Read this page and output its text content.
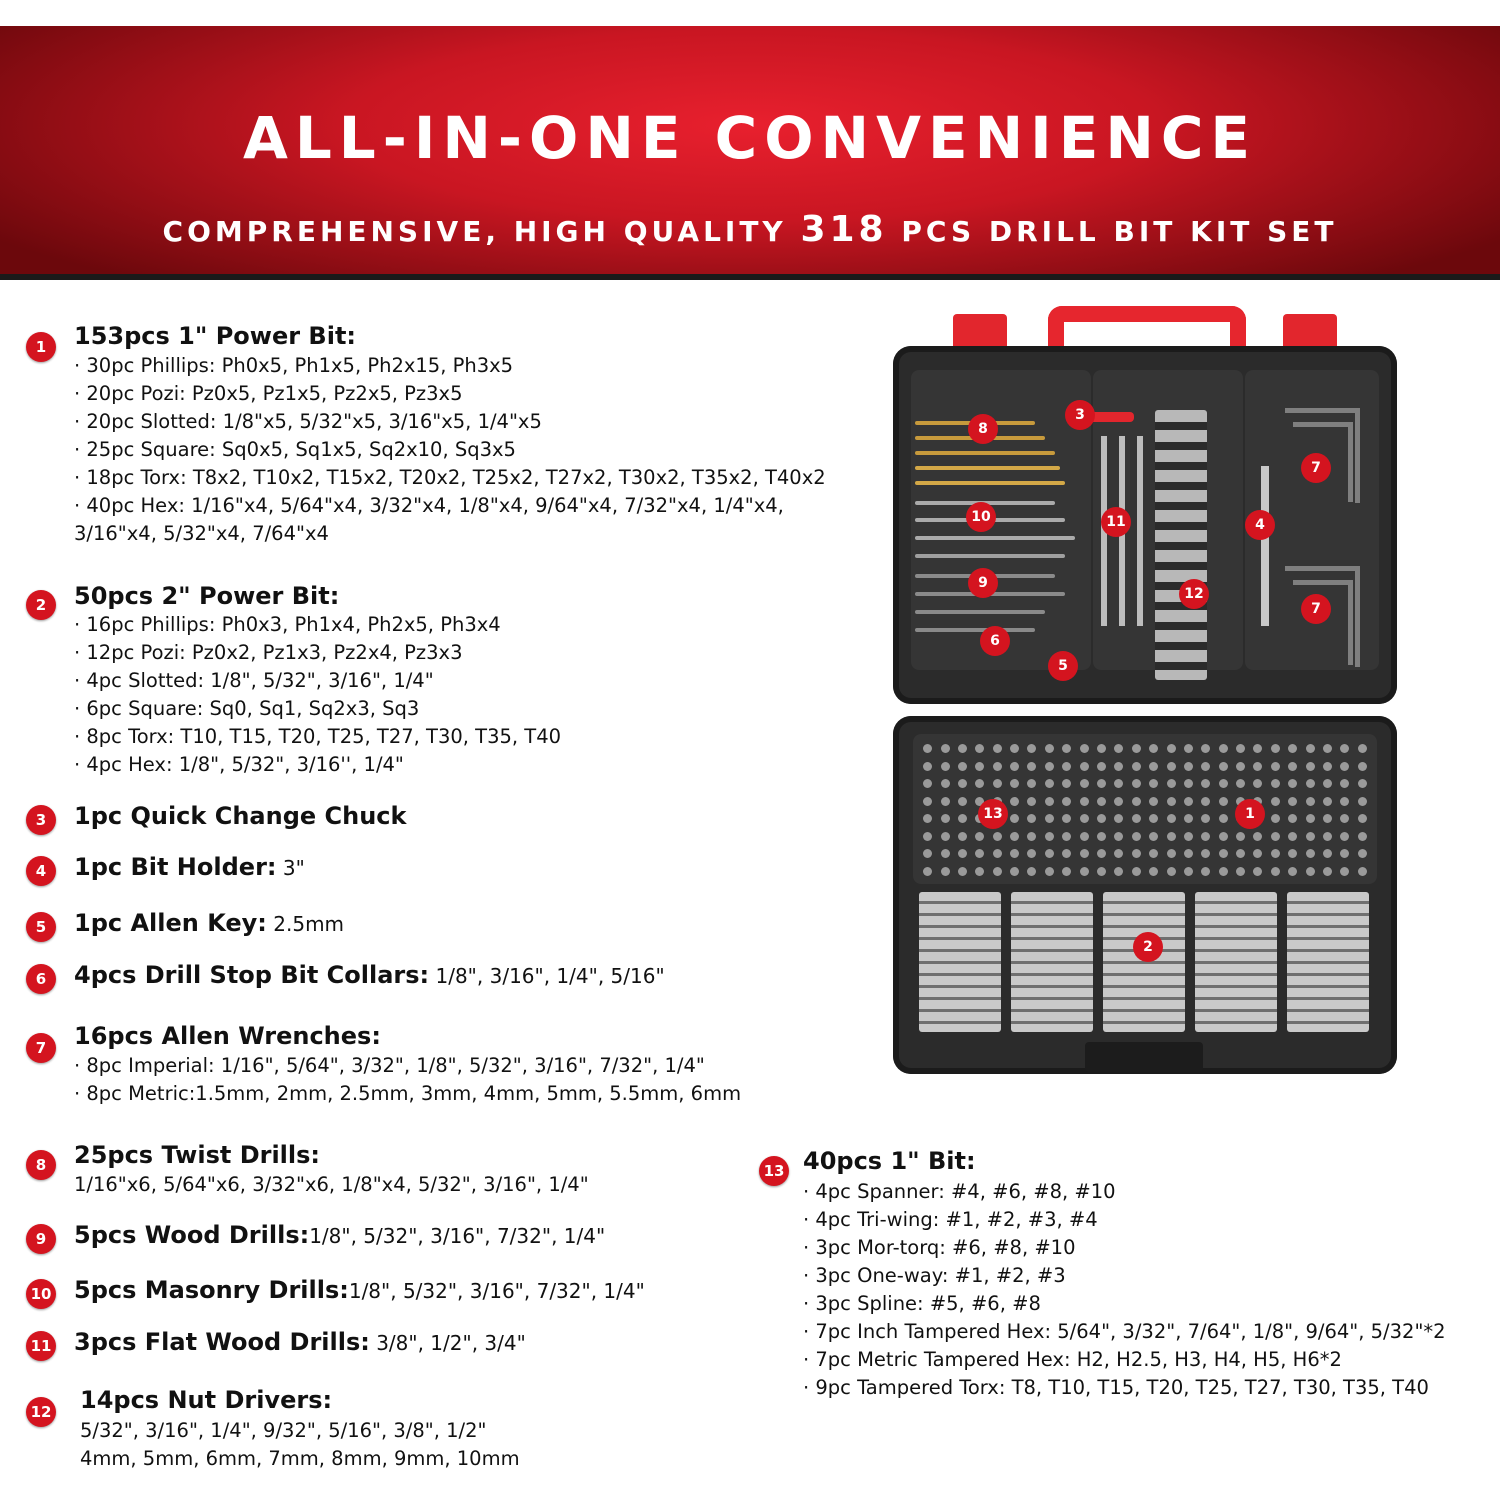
ALL-IN-ONE CONVENIENCE
COMPREHENSIVE, HIGH QUALITY 318 PCS DRILL BIT KIT SET
1	153pcs 1" Power Bit:
· 30pc Phillips: Ph0x5, Ph1x5, Ph2x15, Ph3x5
· 20pc Pozi: Pz0x5, Pz1x5, Pz2x5, Pz3x5
· 20pc Slotted: 1/8"x5, 5/32"x5, 3/16"x5, 1/4"x5
· 25pc Square: Sq0x5, Sq1x5, Sq2x10, Sq3x5
· 18pc Torx: T8x2, T10x2, T15x2, T20x2, T25x2, T27x2, T30x2, T35x2, T40x2
· 40pc Hex: 1/16"x4, 5/64"x4, 3/32"x4, 1/8"x4, 9/64"x4, 7/32"x4, 1/4"x4,
3/16"x4, 5/32"x4, 7/64"x4
2	50pcs 2" Power Bit:
· 16pc Phillips: Ph0x3, Ph1x4, Ph2x5, Ph3x4
· 12pc Pozi: Pz0x2, Pz1x3, Pz2x4, Pz3x3
· 4pc Slotted: 1/8", 5/32", 3/16", 1/4"
· 6pc Square: Sq0, Sq1, Sq2x3, Sq3
· 8pc Torx: T10, T15, T20, T25, T27, T30, T35, T40
· 4pc Hex: 1/8", 5/32", 3/16'', 1/4"
3	1pc Quick Change Chuck
4	1pc Bit Holder: 3"
5	1pc Allen Key: 2.5mm
6	4pcs Drill Stop Bit Collars: 1/8", 3/16", 1/4", 5/16"
7	16pcs Allen Wrenches:
· 8pc Imperial: 1/16", 5/64", 3/32", 1/8", 5/32", 3/16", 7/32", 1/4"
· 8pc Metric:1.5mm, 2mm, 2.5mm, 3mm, 4mm, 5mm, 5.5mm, 6mm
8	25pcs Twist Drills:
1/16"x6, 5/64"x6, 3/32"x6, 1/8"x4, 5/32", 3/16", 1/4"
9	5pcs Wood Drills:1/8", 5/32", 3/16", 7/32", 1/4"
10 5pcs Masonry Drills:1/8", 5/32", 3/16", 7/32", 1/4"
11 3pcs Flat Wood Drills: 3/8", 1/2", 3/4"
12 14pcs Nut Drivers:
5/32", 3/16", 1/4", 9/32", 5/16", 3/8", 1/2"
4mm, 5mm, 6mm, 7mm, 8mm, 9mm, 10mm
13 40pcs 1" Bit:
· 4pc Spanner: #4, #6, #8, #10
· 4pc Tri-wing: #1, #2, #3, #4
· 3pc Mor-torq: #6, #8, #10
· 3pc One-way: #1, #2, #3
· 3pc Spline: #5, #6, #8
· 7pc Inch Tampered Hex: 5/64", 3/32", 7/64", 1/8", 9/64", 5/32"*2
· 7pc Metric Tampered Hex: H2, H2.5, H3, H4, H5, H6*2
· 9pc Tampered Torx: T8, T10, T15, T20, T25, T27, T30, T35, T40
1
2
3
4
5
6
7
7
8
9
10	11
12
13
